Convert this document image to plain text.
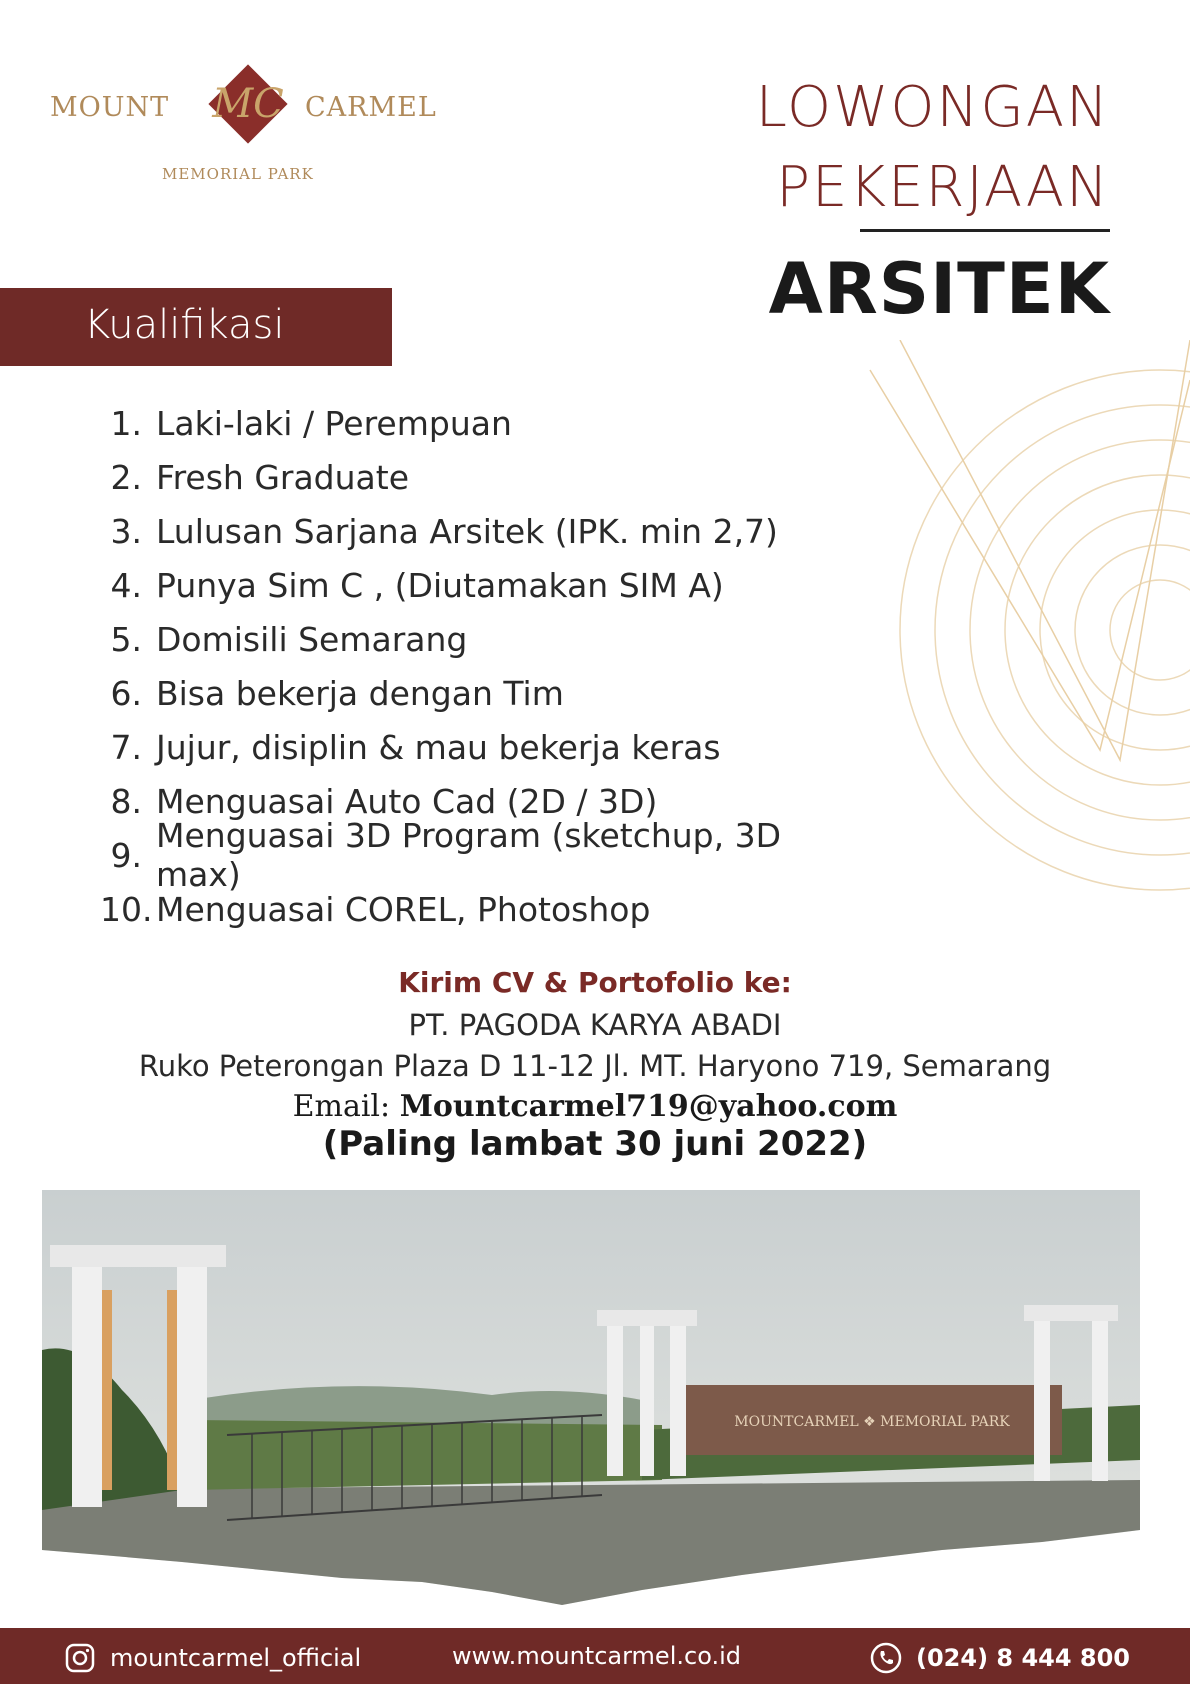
MC
MOUNT	CARMEL
MEMORIAL PARK
LOWONGAN
PEKERJAAN
ARSITEK
Kualifikasi
1. Laki-laki / Perempuan
2. Fresh Graduate
3. Lulusan Sarjana Arsitek (IPK. min 2,7)
4. Punya Sim C , (Diutamakan SIM A)
5. Domisili Semarang
6. Bisa bekerja dengan Tim
7. Jujur, disiplin & mau bekerja keras
8. Menguasai Auto Cad (2D / 3D)
9. Menguasai 3D Program (sketchup, 3D max)
10. Menguasai COREL, Photoshop
Kirim CV & Portofolio ke:
PT. PAGODA KARYA ABADI
Ruko Peterongan Plaza D 11-12 Jl. MT. Haryono 719, Semarang
Email: Mountcarmel719@yahoo.com
(Paling lambat 30 juni 2022)
MOUNTCARMEL ❖ MEMORIAL PARK
mountcarmel_official	www.mountcarmel.co.id	(024) 8 444 800
